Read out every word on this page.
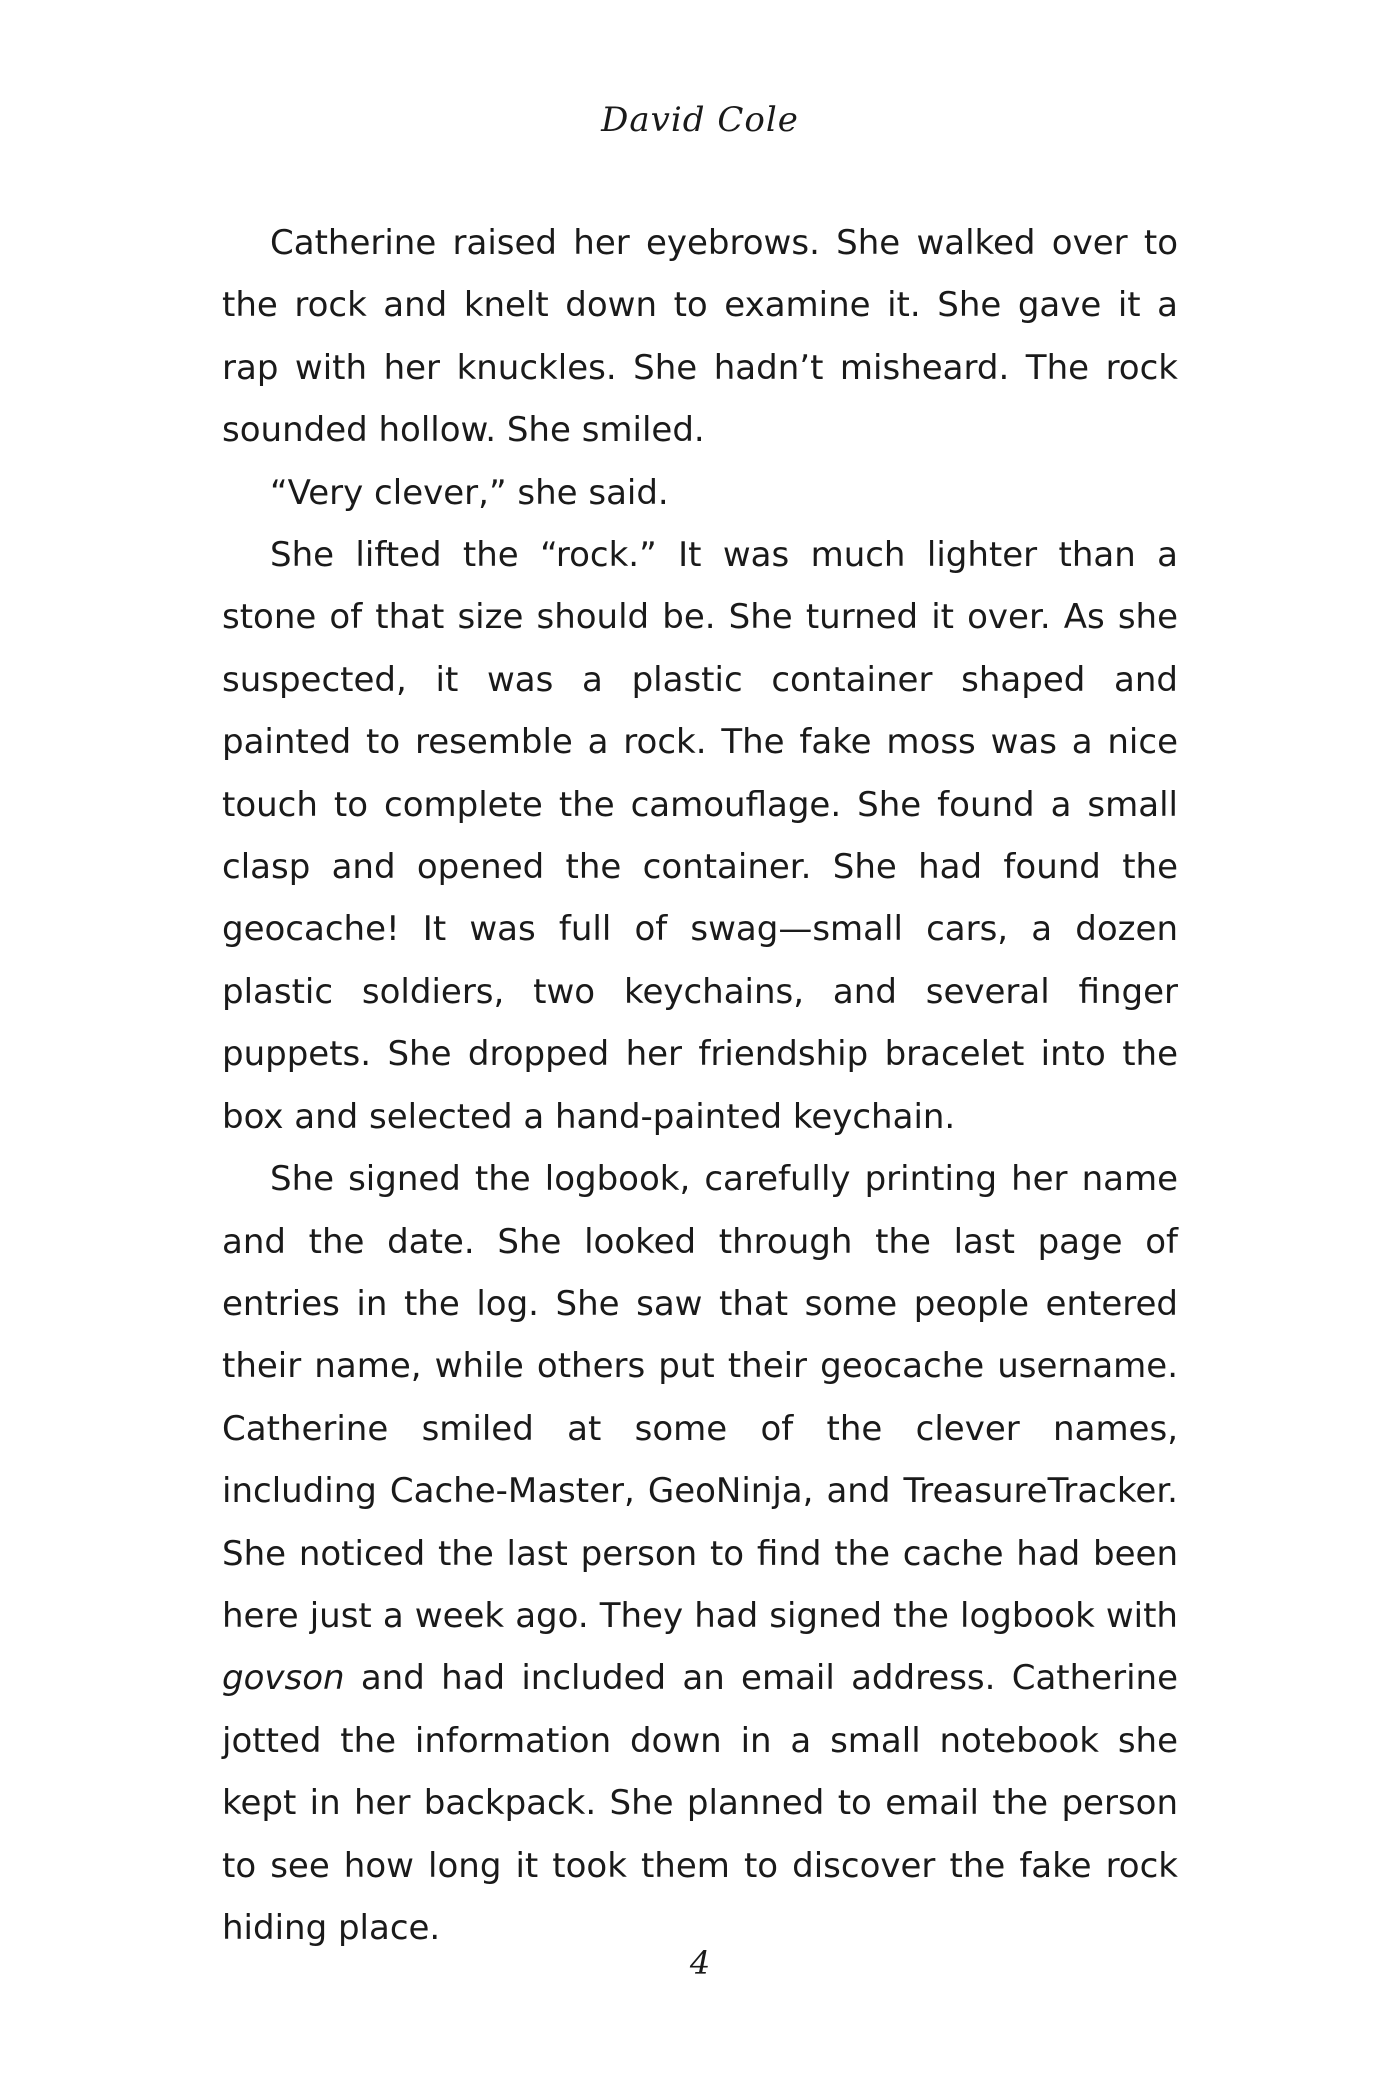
David Cole

Catherine raised her eyebrows. She walked over to the rock and knelt down to examine it. She gave it a rap with her knuckles. She hadn’t misheard. The rock sounded hollow. She smiled.

“Very clever,” she said.

She lifted the “rock.” It was much lighter than a stone of that size should be. She turned it over. As she suspected, it was a plastic container shaped and painted to resemble a rock. The fake moss was a nice touch to complete the camouflage. She found a small clasp and opened the container. She had found the geocache! It was full of swag—small cars, a dozen plastic soldiers, two keychains, and several finger puppets. She dropped her friendship bracelet into the box and selected a hand-painted keychain.

She signed the logbook, carefully printing her name and the date. She looked through the last page of entries in the log. She saw that some people entered their name, while others put their geocache username. Catherine smiled at some of the clever names, including Cache-Master, GeoNinja, and TreasureTracker. She noticed the last person to find the cache had been here just a week ago. They had signed the logbook with govson and had included an email address. Catherine jotted the information down in a small notebook she kept in her backpack. She planned to email the person to see how long it took them to discover the fake rock hiding place.

4
